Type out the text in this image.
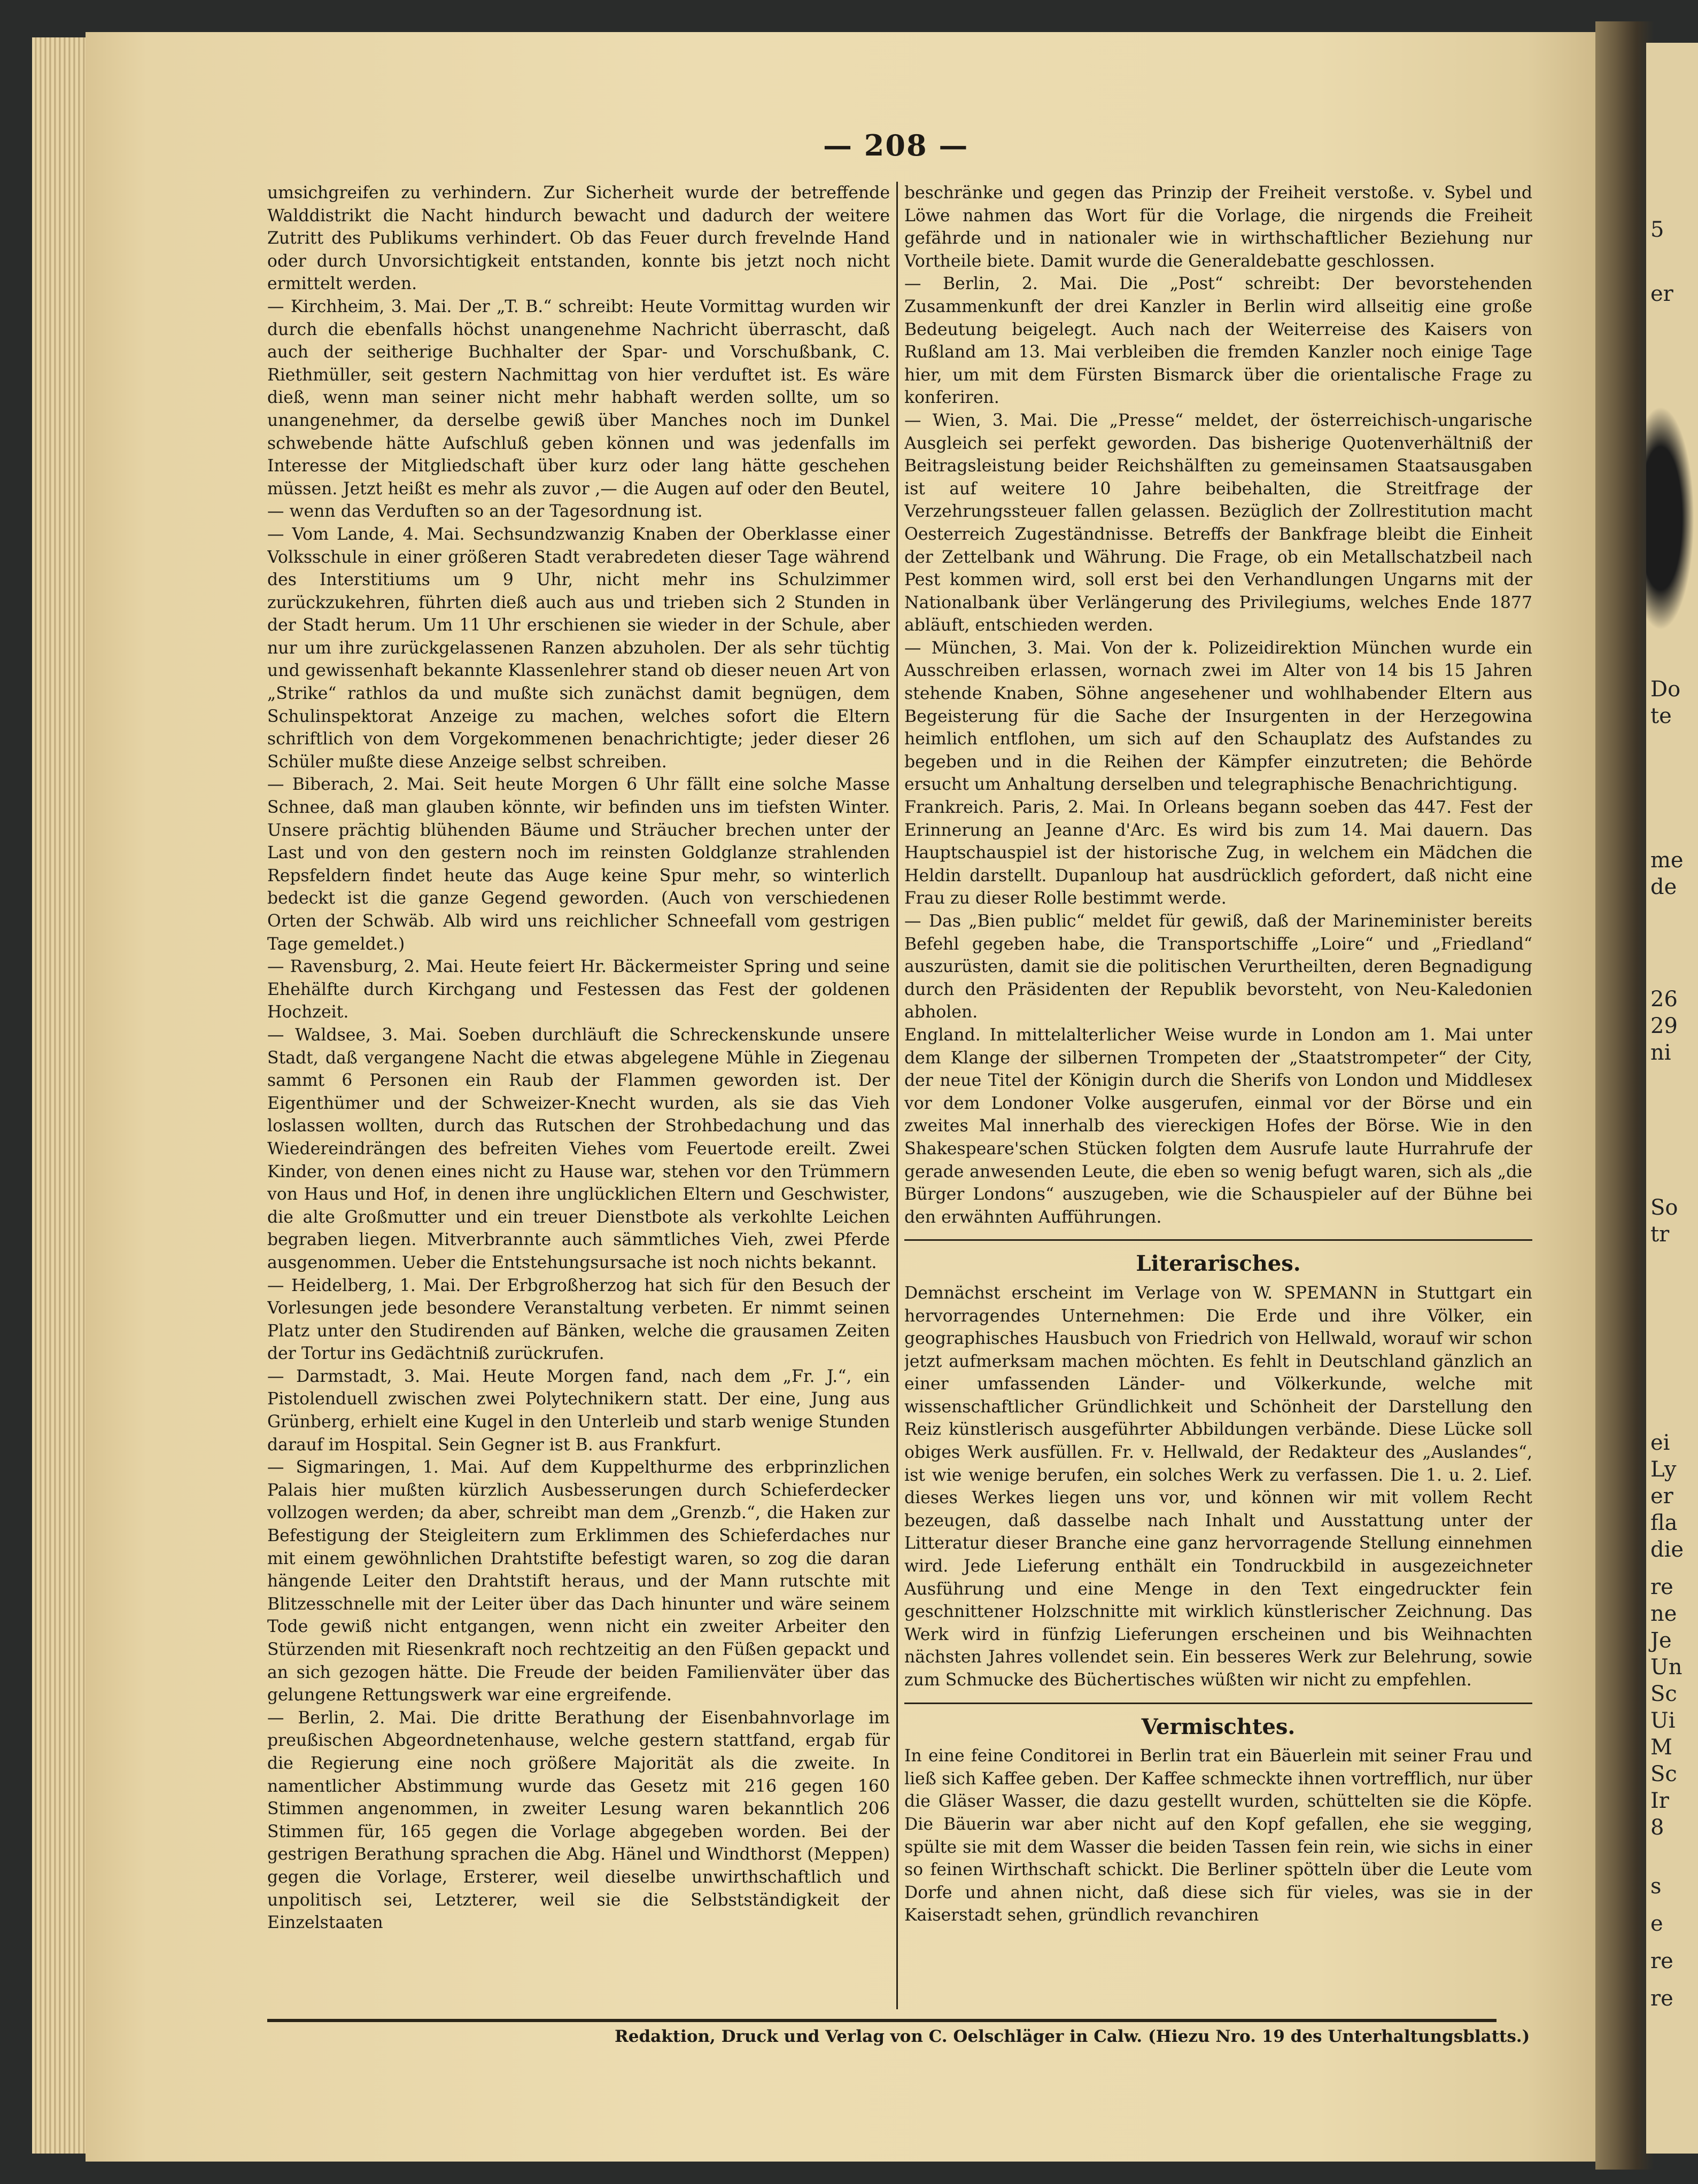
5
er
Do
te
me
de
26
29
ni
So
tr
ei
Ly
er
fla
die
re
ne
Je
Un
Sc
Ui
M
Sc
Ir
8
s
e
re
re
— 208 —

umsichgreifen zu verhindern. Zur Sicherheit wurde der betreffende Walddistrikt die Nacht hindurch bewacht und dadurch der weitere Zutritt des Publikums verhindert. Ob das Feuer durch frevelnde Hand oder durch Unvorsichtigkeit entstanden, konnte bis jetzt noch nicht ermittelt werden.

— Kirchheim, 3. Mai. Der „T. B.“ schreibt: Heute Vormittag wurden wir durch die ebenfalls höchst unangenehme Nachricht überrascht, daß auch der seitherige Buchhalter der Spar- und Vorschußbank, C. Riethmüller, seit gestern Nachmittag von hier verduftet ist. Es wäre dieß, wenn man seiner nicht mehr habhaft werden sollte, um so unangenehmer, da derselbe gewiß über Manches noch im Dunkel schwebende hätte Aufschluß geben können und was jedenfalls im Interesse der Mitgliedschaft über kurz oder lang hätte geschehen müssen. Jetzt heißt es mehr als zuvor ,— die Augen auf oder den Beutel, — wenn das Verduften so an der Tagesordnung ist.

— Vom Lande, 4. Mai. Sechsundzwanzig Knaben der Oberklasse einer Volksschule in einer größeren Stadt verabredeten dieser Tage während des Interstitiums um 9 Uhr, nicht mehr ins Schulzimmer zurückzukehren, führten dieß auch aus und trieben sich 2 Stunden in der Stadt herum. Um 11 Uhr erschienen sie wieder in der Schule, aber nur um ihre zurückgelassenen Ranzen abzuholen. Der als sehr tüchtig und gewissenhaft bekannte Klassenlehrer stand ob dieser neuen Art von „Strike“ rathlos da und mußte sich zunächst damit begnügen, dem Schulinspektorat Anzeige zu machen, welches sofort die Eltern schriftlich von dem Vorgekommenen benachrichtigte; jeder dieser 26 Schüler mußte diese Anzeige selbst schreiben.

— Biberach, 2. Mai. Seit heute Morgen 6 Uhr fällt eine solche Masse Schnee, daß man glauben könnte, wir befinden uns im tiefsten Winter. Unsere prächtig blühenden Bäume und Sträucher brechen unter der Last und von den gestern noch im reinsten Goldglanze strahlenden Repsfeldern findet heute das Auge keine Spur mehr, so winterlich bedeckt ist die ganze Gegend geworden. (Auch von verschiedenen Orten der Schwäb. Alb wird uns reichlicher Schneefall vom gestrigen Tage gemeldet.)

— Ravensburg, 2. Mai. Heute feiert Hr. Bäckermeister Spring und seine Ehehälfte durch Kirchgang und Festessen das Fest der goldenen Hochzeit.

— Waldsee, 3. Mai. Soeben durchläuft die Schreckenskunde unsere Stadt, daß vergangene Nacht die etwas abgelegene Mühle in Ziegenau sammt 6 Personen ein Raub der Flammen geworden ist. Der Eigenthümer und der Schweizer-Knecht wurden, als sie das Vieh loslassen wollten, durch das Rutschen der Strohbedachung und das Wiedereindrängen des befreiten Viehes vom Feuertode ereilt. Zwei Kinder, von denen eines nicht zu Hause war, stehen vor den Trümmern von Haus und Hof, in denen ihre unglücklichen Eltern und Geschwister, die alte Großmutter und ein treuer Dienstbote als verkohlte Leichen begraben liegen. Mitverbrannte auch sämmtliches Vieh, zwei Pferde ausgenommen. Ueber die Entstehungsursache ist noch nichts bekannt.

— Heidelberg, 1. Mai. Der Erbgroßherzog hat sich für den Besuch der Vorlesungen jede besondere Veranstaltung verbeten. Er nimmt seinen Platz unter den Studirenden auf Bänken, welche die grausamen Zeiten der Tortur ins Gedächtniß zurückrufen.

— Darmstadt, 3. Mai. Heute Morgen fand, nach dem „Fr. J.“, ein Pistolenduell zwischen zwei Polytechnikern statt. Der eine, Jung aus Grünberg, erhielt eine Kugel in den Unterleib und starb wenige Stunden darauf im Hospital. Sein Gegner ist B. aus Frankfurt.

— Sigmaringen, 1. Mai. Auf dem Kuppelthurme des erbprinzlichen Palais hier mußten kürzlich Ausbesserungen durch Schieferdecker vollzogen werden; da aber, schreibt man dem „Grenzb.“, die Haken zur Befestigung der Steigleitern zum Erklimmen des Schieferdaches nur mit einem gewöhnlichen Drahtstifte befestigt waren, so zog die daran hängende Leiter den Drahtstift heraus, und der Mann rutschte mit Blitzesschnelle mit der Leiter über das Dach hinunter und wäre seinem Tode gewiß nicht entgangen, wenn nicht ein zweiter Arbeiter den Stürzenden mit Riesenkraft noch rechtzeitig an den Füßen gepackt und an sich gezogen hätte. Die Freude der beiden Familienväter über das gelungene Rettungswerk war eine ergreifende.

— Berlin, 2. Mai. Die dritte Berathung der Eisenbahnvorlage im preußischen Abgeordnetenhause, welche gestern stattfand, ergab für die Regierung eine noch größere Majorität als die zweite. In namentlicher Abstimmung wurde das Gesetz mit 216 gegen 160 Stimmen angenommen, in zweiter Lesung waren bekanntlich 206 Stimmen für, 165 gegen die Vorlage abgegeben worden. Bei der gestrigen Berathung sprachen die Abg. Hänel und Windthorst (Meppen) gegen die Vorlage, Ersterer, weil dieselbe unwirthschaftlich und unpolitisch sei, Letzterer, weil sie die Selbstständigkeit der Einzelstaaten

beschränke und gegen das Prinzip der Freiheit verstoße. v. Sybel und Löwe nahmen das Wort für die Vorlage, die nirgends die Freiheit gefährde und in nationaler wie in wirthschaftlicher Beziehung nur Vortheile biete. Damit wurde die Generaldebatte geschlossen.

— Berlin, 2. Mai. Die „Post“ schreibt: Der bevorstehenden Zusammenkunft der drei Kanzler in Berlin wird allseitig eine große Bedeutung beigelegt. Auch nach der Weiterreise des Kaisers von Rußland am 13. Mai verbleiben die fremden Kanzler noch einige Tage hier, um mit dem Fürsten Bismarck über die orientalische Frage zu konferiren.

— Wien, 3. Mai. Die „Presse“ meldet, der österreichisch-ungarische Ausgleich sei perfekt geworden. Das bisherige Quotenverhältniß der Beitragsleistung beider Reichshälften zu gemeinsamen Staatsausgaben ist auf weitere 10 Jahre beibehalten, die Streitfrage der Verzehrungssteuer fallen gelassen. Bezüglich der Zollrestitution macht Oesterreich Zugeständnisse. Betreffs der Bankfrage bleibt die Einheit der Zettelbank und Währung. Die Frage, ob ein Metallschatzbeil nach Pest kommen wird, soll erst bei den Verhandlungen Ungarns mit der Nationalbank über Verlängerung des Privilegiums, welches Ende 1877 abläuft, entschieden werden.

— München, 3. Mai. Von der k. Polizeidirektion München wurde ein Ausschreiben erlassen, wornach zwei im Alter von 14 bis 15 Jahren stehende Knaben, Söhne angesehener und wohlhabender Eltern aus Begeisterung für die Sache der Insurgenten in der Herzegowina heimlich entflohen, um sich auf den Schauplatz des Aufstandes zu begeben und in die Reihen der Kämpfer einzutreten; die Behörde ersucht um Anhaltung derselben und telegraphische Benachrichtigung.

Frankreich. Paris, 2. Mai. In Orleans begann soeben das 447. Fest der Erinnerung an Jeanne d'Arc. Es wird bis zum 14. Mai dauern. Das Hauptschauspiel ist der historische Zug, in welchem ein Mädchen die Heldin darstellt. Dupanloup hat ausdrücklich gefordert, daß nicht eine Frau zu dieser Rolle bestimmt werde.

— Das „Bien public“ meldet für gewiß, daß der Marineminister bereits Befehl gegeben habe, die Transportschiffe „Loire“ und „Friedland“ auszurüsten, damit sie die politischen Verurtheilten, deren Begnadigung durch den Präsidenten der Republik bevorsteht, von Neu-Kaledonien abholen.

England. In mittelalterlicher Weise wurde in London am 1. Mai unter dem Klange der silbernen Trompeten der „Staatstrompeter“ der City, der neue Titel der Königin durch die Sherifs von London und Middlesex vor dem Londoner Volke ausgerufen, einmal vor der Börse und ein zweites Mal innerhalb des viereckigen Hofes der Börse. Wie in den Shakespeare'schen Stücken folgten dem Ausrufe laute Hurrahrufe der gerade anwesenden Leute, die eben so wenig befugt waren, sich als „die Bürger Londons“ auszugeben, wie die Schauspieler auf der Bühne bei den erwähnten Aufführungen.

Literarisches.

Demnächst erscheint im Verlage von W. SPEMANN in Stuttgart ein hervorragendes Unternehmen: Die Erde und ihre Völker, ein geographisches Hausbuch von Friedrich von Hellwald, worauf wir schon jetzt aufmerksam machen möchten. Es fehlt in Deutschland gänzlich an einer umfassenden Länder- und Völkerkunde, welche mit wissenschaftlicher Gründlichkeit und Schönheit der Darstellung den Reiz künstlerisch ausgeführter Abbildungen verbände. Diese Lücke soll obiges Werk ausfüllen. Fr. v. Hellwald, der Redakteur des „Auslandes“, ist wie wenige berufen, ein solches Werk zu verfassen. Die 1. u. 2. Lief. dieses Werkes liegen uns vor, und können wir mit vollem Recht bezeugen, daß dasselbe nach Inhalt und Ausstattung unter der Litteratur dieser Branche eine ganz hervorragende Stellung einnehmen wird. Jede Lieferung enthält ein Tondruckbild in ausgezeichneter Ausführung und eine Menge in den Text eingedruckter fein geschnittener Holzschnitte mit wirklich künstlerischer Zeichnung. Das Werk wird in fünfzig Lieferungen erscheinen und bis Weihnachten nächsten Jahres vollendet sein. Ein besseres Werk zur Belehrung, sowie zum Schmucke des Büchertisches wüßten wir nicht zu empfehlen.

Vermischtes.

In eine feine Conditorei in Berlin trat ein Bäuerlein mit seiner Frau und ließ sich Kaffee geben. Der Kaffee schmeckte ihnen vortrefflich, nur über die Gläser Wasser, die dazu gestellt wurden, schüttelten sie die Köpfe. Die Bäuerin war aber nicht auf den Kopf gefallen, ehe sie wegging, spülte sie mit dem Wasser die beiden Tassen fein rein, wie sichs in einer so feinen Wirthschaft schickt. Die Berliner spötteln über die Leute vom Dorfe und ahnen nicht, daß diese sich für vieles, was sie in der Kaiserstadt sehen, gründlich revanchiren

Redaktion, Druck und Verlag von C. Oelschläger in Calw. (Hiezu Nro. 19 des Unterhaltungsblatts.)
